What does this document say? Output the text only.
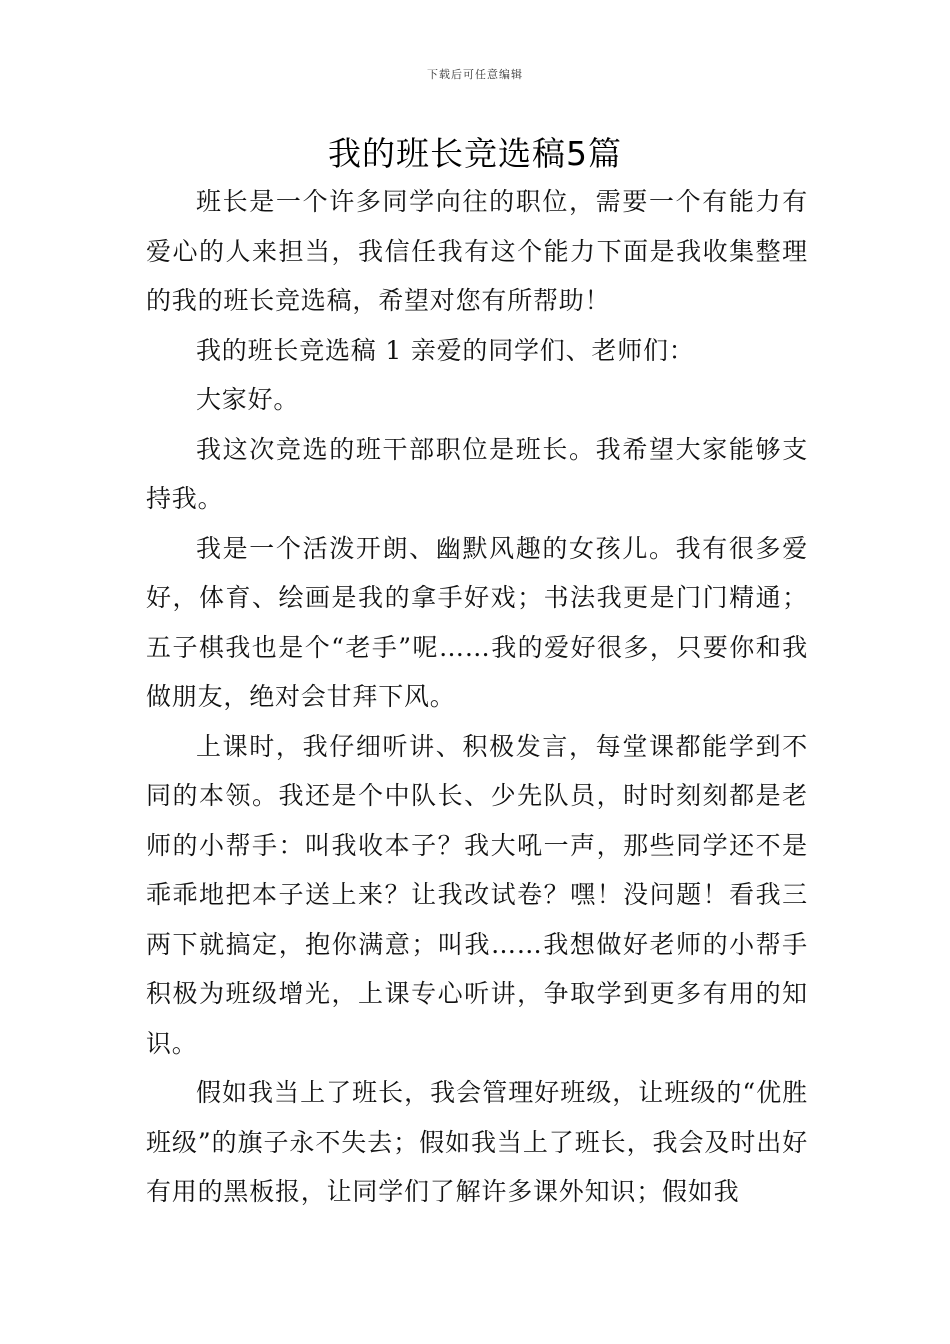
下载后可任意编辑
我的班长竞选稿5篇

班长是一个许多同学向往的职位，需要一个有能力有爱心的人来担当，我信任我有这个能力下面是我收集整理的我的班长竞选稿，希望对您有所帮助！

我的班长竞选稿 1 亲爱的同学们、老师们：

大家好。

我这次竞选的班干部职位是班长。我希望大家能够支持我。

我是一个活泼开朗、幽默风趣的女孩儿。我有很多爱好，体育、绘画是我的拿手好戏；书法我更是门门精通；五子棋我也是个“老手”呢……我的爱好很多，只要你和我做朋友，绝对会甘拜下风。

上课时，我仔细听讲、积极发言，每堂课都能学到不同的本领。我还是个中队长、少先队员，时时刻刻都是老师的小帮手：叫我收本子？我大吼一声，那些同学还不是乖乖地把本子送上来？让我改试卷？嘿！没问题！看我三两下就搞定，抱你满意；叫我……我想做好老师的小帮手积极为班级增光，上课专心听讲，争取学到更多有用的知识。

假如我当上了班长，我会管理好班级，让班级的“优胜班级”的旗子永不失去；假如我当上了班长，我会及时出好有用的黑板报，让同学们了解许多课外知识；假如我
